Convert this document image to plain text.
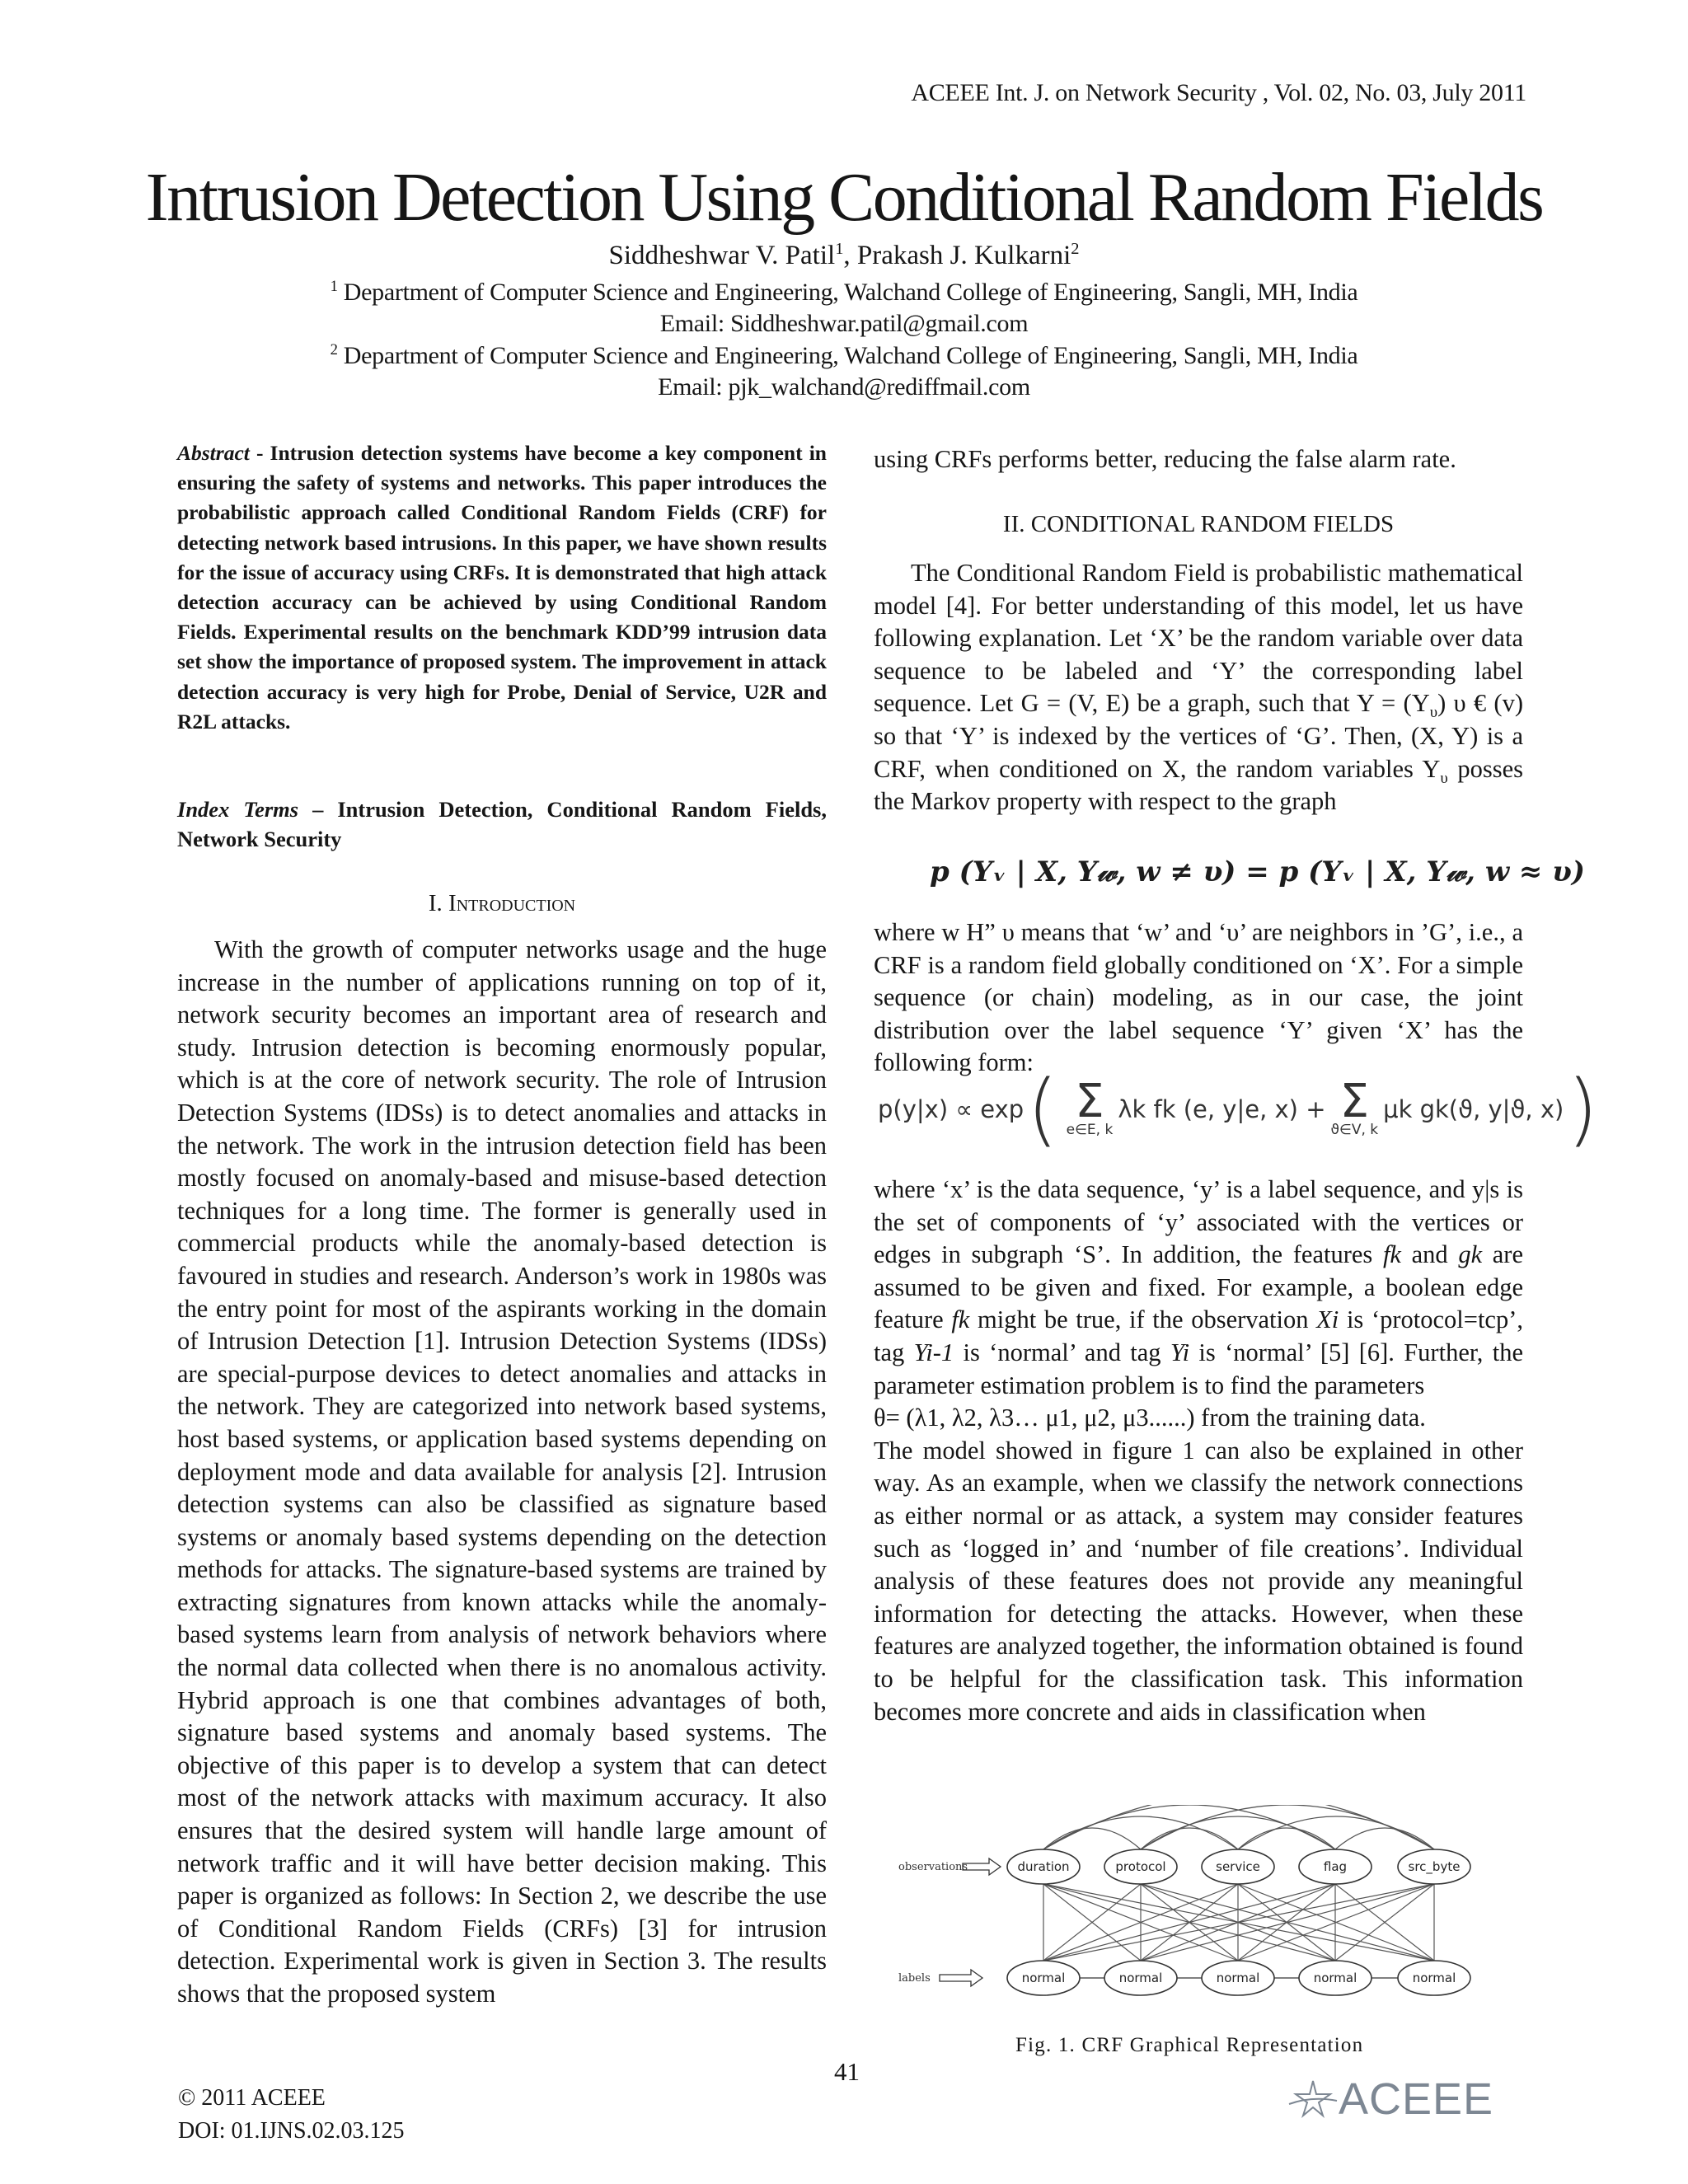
ACEEE Int. J. on Network Security , Vol. 02, No. 03, July 2011
Intrusion Detection Using Conditional Random Fields
Siddheshwar V. Patil$^1$, Prakash J. Kulkarni$^2$
$^1$ Department of Computer Science and Engineering, Walchand College of Engineering, Sangli, MH, India
Email: Siddheshwar.patil@gmail.com
$^2$ Department of Computer Science and Engineering, Walchand College of Engineering, Sangli, MH, India
Email: pjk_walchand@rediffmail.com
Abstract - Intrusion detection systems have become a key component in ensuring the safety of systems and networks. This paper introduces the probabilistic approach called Conditional Random Fields (CRF) for detecting network based intrusions. In this paper, we have shown results for the issue of accuracy using CRFs. It is demonstrated that high attack detection accuracy can be achieved by using Conditional Random Fields. Experimental results on the benchmark KDD’99 intrusion data set show the importance of proposed system. The improvement in attack detection accuracy is very high for Probe, Denial of Service, U2R and R2L attacks.
Index Terms – Intrusion Detection, Conditional Random Fields, Network Security
I. Introduction

With the growth of computer networks usage and the huge increase in the number of applications running on top of it, network security becomes an important area of research and study. Intrusion detection is becoming enormously popular, which is at the core of network security. The role of Intrusion Detection Systems (IDSs) is to detect anomalies and attacks in the network. The work in the intrusion detection field has been mostly focused on anomaly-based and misuse-based detection techniques for a long time. The former is generally used in commercial products while the anomaly-based detection is favoured in studies and research. Anderson’s work in 1980s was the entry point for most of the aspirants working in the domain of Intrusion Detection [1]. Intrusion Detection Systems (IDSs) are special-purpose devices to detect anomalies and attacks in the network. They are categorized into network based systems, host based systems, or application based systems depending on deployment mode and data available for analysis [2]. Intrusion detection systems can also be classified as signature based systems or anomaly based systems depending on the detection methods for attacks. The signature-based systems are trained by extracting signatures from known attacks while the anomaly-based systems learn from analysis of network behaviors where the normal data collected when there is no anomalous activity. Hybrid approach is one that combines advantages of both, signature based systems and anomaly based systems. The objective of this paper is to develop a system that can detect most of the network attacks with maximum accuracy. It also ensures that the desired system will handle large amount of network traffic and it will have better decision making. This paper is organized as follows: In Section 2, we describe the use of Conditional Random Fields (CRFs) [3] for intrusion detection. Experimental work is given in Section 3. The results shows that the proposed system

using CRFs performs better, reducing the false alarm rate.

II. CONDITIONAL RANDOM FIELDS

The Conditional Random Field is probabilistic mathematical model [4]. For better understanding of this model, let us have following explanation. Let ‘X’ be the random variable over data sequence to be labeled and ‘Y’ the corresponding label sequence. Let G = (V, E) be a graph, such that $Y = (Y_\upsilon)$ υ € (v) so that ‘Y’ is indexed by the vertices of ‘G’. Then, (X, Y) is a CRF, when conditioned on X, the random variables $Y_\upsilon$ posses the Markov property with respect to the graph

p (Yᵥ | X, Y𝓌, w ≠ υ) = p (Yᵥ | X, Y𝓌, w ≈ υ)

where w H” υ means that ‘w’ and ‘υ’ are neighbors in ’G’, i.e., a CRF is a random field globally conditioned on ‘X’. For a simple sequence (or chain) modeling, as in our case, the joint distribution over the label sequence ‘Y’ given ‘X’ has the following form:

p(y|x) ∝ exp ( Σ
e∈E, k
λk fk (e, y|e, x) + Σ
ϑ∈V, k
μk gk(ϑ, y|ϑ, x) )

where ‘x’ is the data sequence, ‘y’ is a label sequence, and y|s is the set of components of ‘y’ associated with the vertices or edges in subgraph ‘S’. In addition, the features fk and gk are assumed to be given and fixed. For example, a boolean edge feature fk might be true, if the observation Xi is ‘protocol=tcp’, tag Yi-1 is ‘normal’ and tag Yi is ‘normal’ [5] [6]. Further, the parameter estimation problem is to find the parameters

θ= (λ1, λ2, λ3… μ1, μ2, μ3......) from the training data.

The model showed in figure 1 can also be explained in other way. As an example, when we classify the network connections as either normal or as attack, a system may consider features such as ‘logged in’ and ‘number of file creations’. Individual analysis of these features does not provide any meaningful information for detecting the attacks. However, when these features are analyzed together, the information obtained is found to be helpful for the classification task. This information becomes more concrete and aids in classification when

duration	protocol	service	flag	src_byte
normal	normal	normal	normal	normal
observations
labels
Fig. 1. CRF Graphical Representation
41
© 2011 ACEEE
DOI: 01.IJNS.02.03.125
ACEEE
